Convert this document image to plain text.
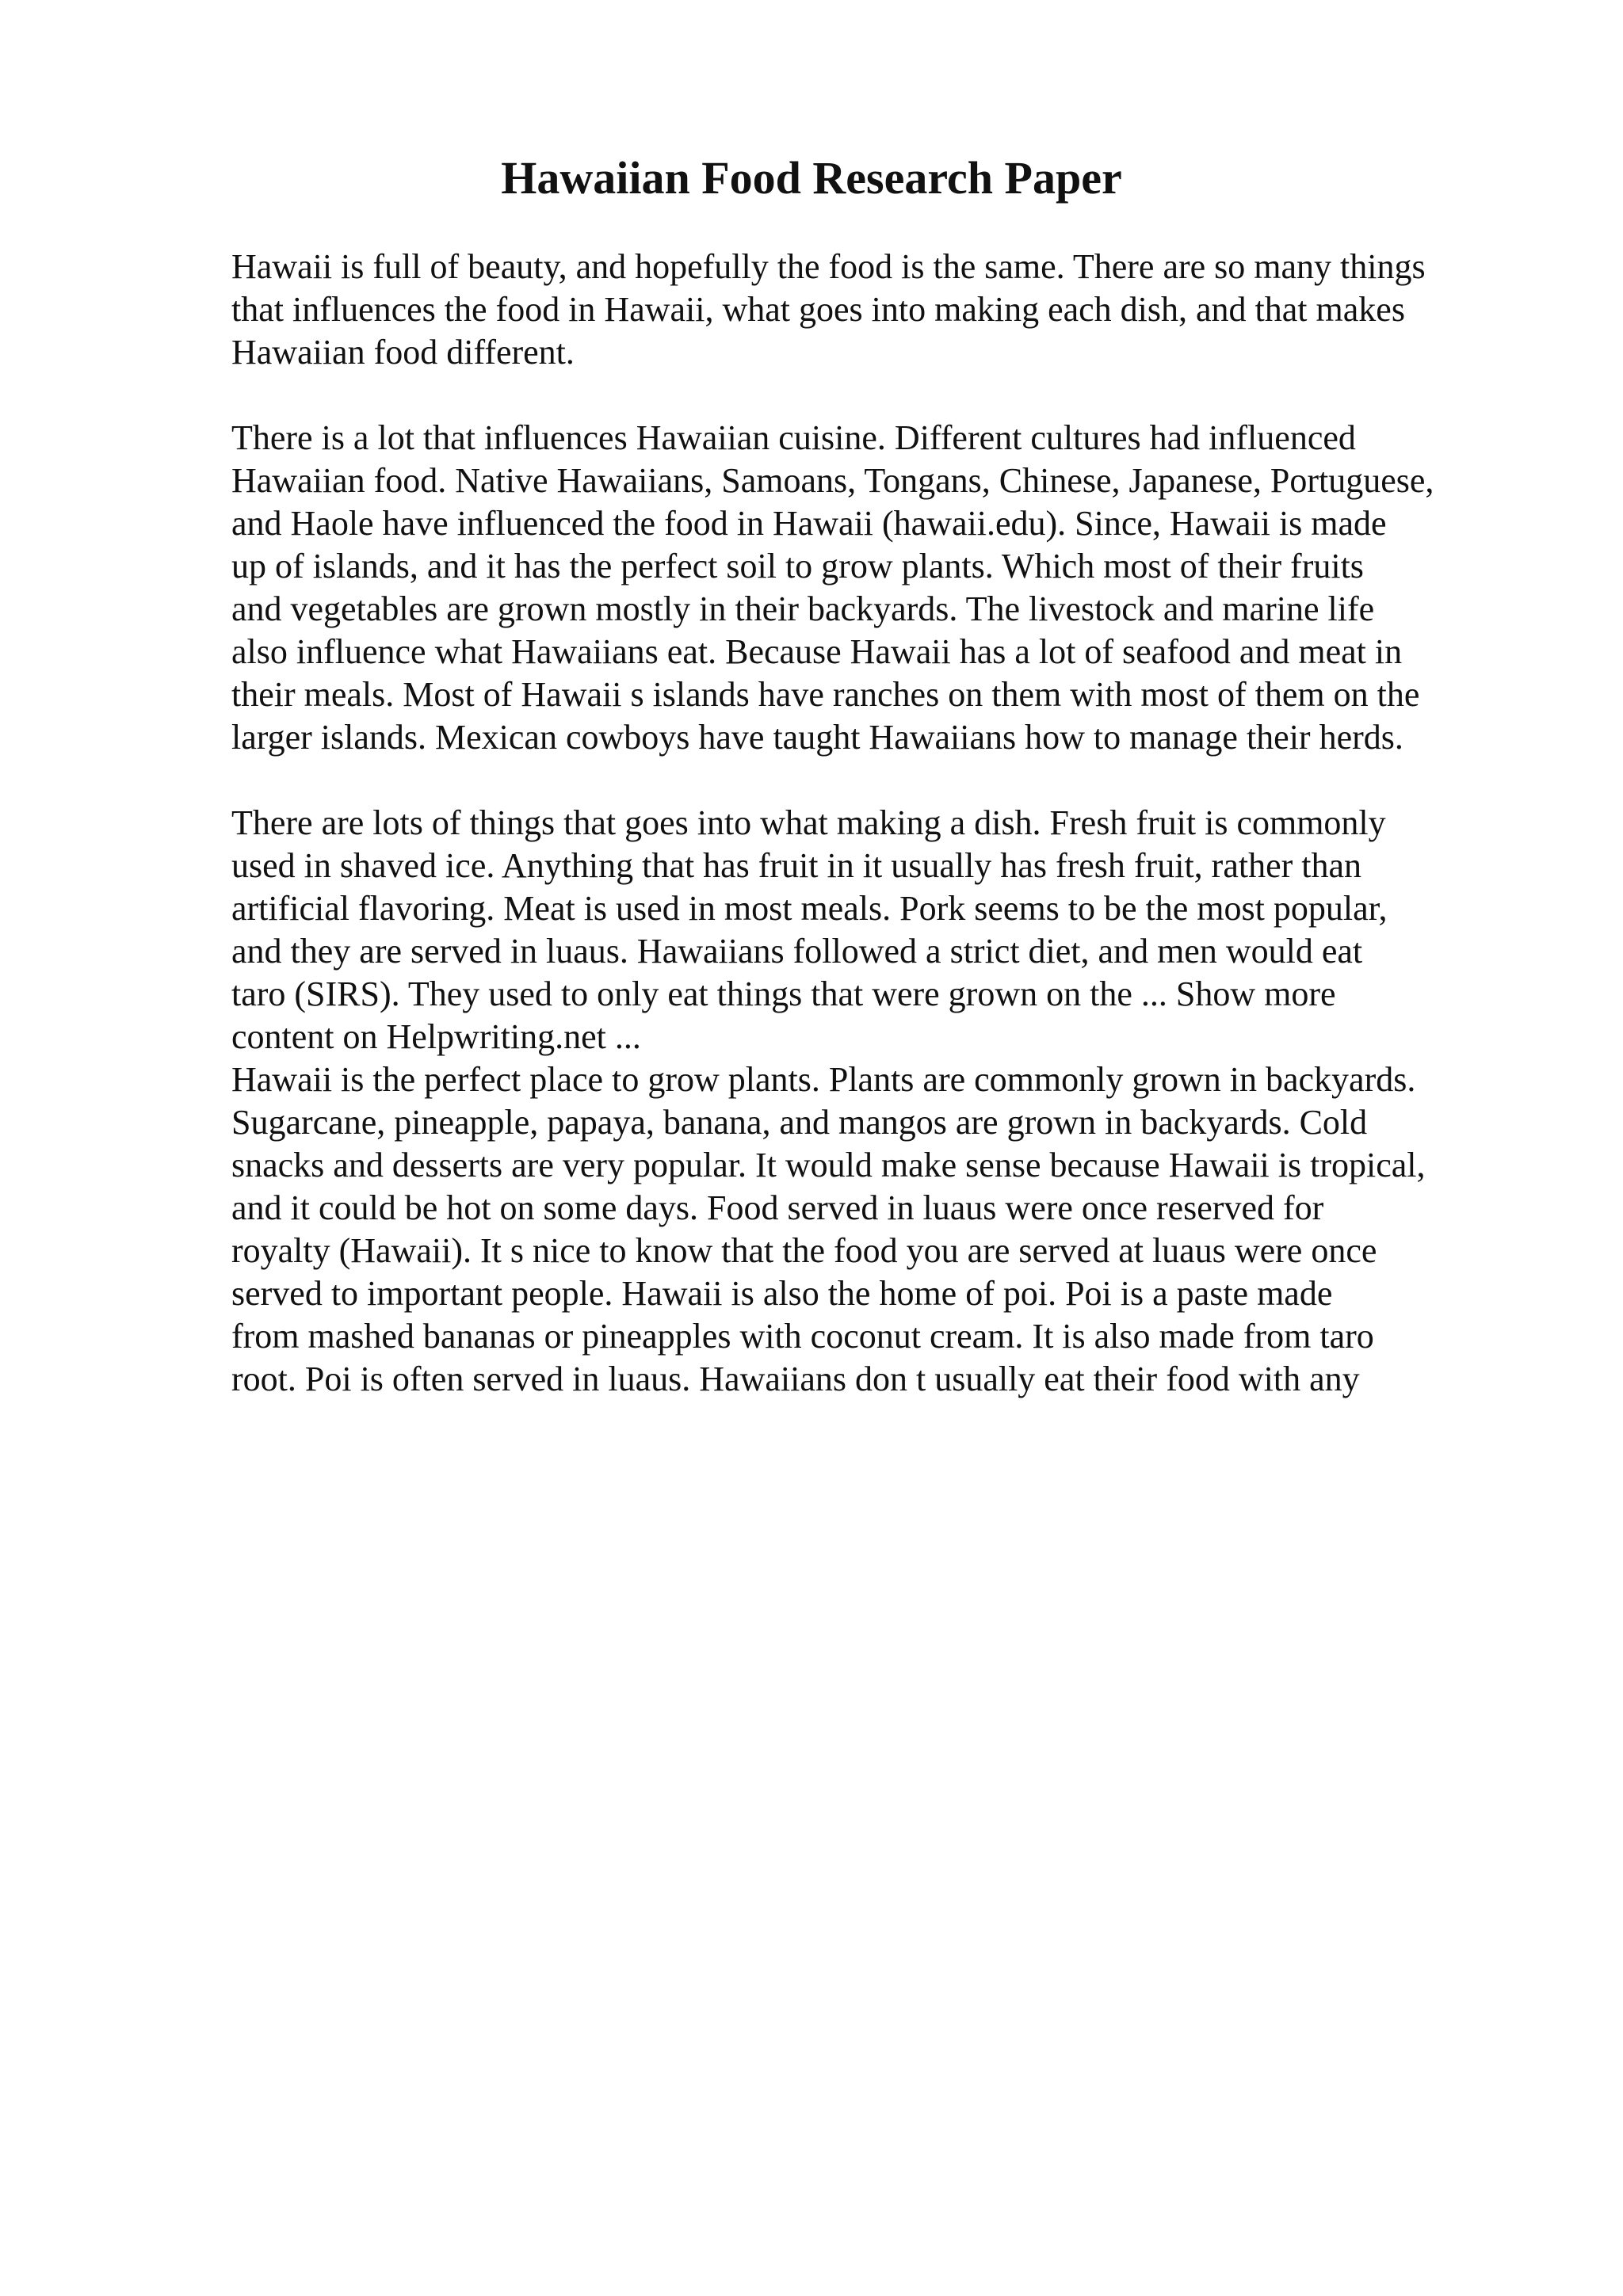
Hawaiian Food Research Paper

Hawaii is full of beauty, and hopefully the food is the same. There are so many things
that influences the food in Hawaii, what goes into making each dish, and that makes
Hawaiian food different.

There is a lot that influences Hawaiian cuisine. Different cultures had influenced
Hawaiian food. Native Hawaiians, Samoans, Tongans, Chinese, Japanese, Portuguese,
and Haole have influenced the food in Hawaii (hawaii.edu). Since, Hawaii is made
up of islands, and it has the perfect soil to grow plants. Which most of their fruits
and vegetables are grown mostly in their backyards. The livestock and marine life
also influence what Hawaiians eat. Because Hawaii has a lot of seafood and meat in
their meals. Most of Hawaii s islands have ranches on them with most of them on the
larger islands. Mexican cowboys have taught Hawaiians how to manage their herds.

There are lots of things that goes into what making a dish. Fresh fruit is commonly
used in shaved ice. Anything that has fruit in it usually has fresh fruit, rather than
artificial flavoring. Meat is used in most meals. Pork seems to be the most popular,
and they are served in luaus. Hawaiians followed a strict diet, and men would eat
taro (SIRS). They used to only eat things that were grown on the ... Show more
content on Helpwriting.net ...

Hawaii is the perfect place to grow plants. Plants are commonly grown in backyards.
Sugarcane, pineapple, papaya, banana, and mangos are grown in backyards. Cold
snacks and desserts are very popular. It would make sense because Hawaii is tropical,
and it could be hot on some days. Food served in luaus were once reserved for
royalty (Hawaii). It s nice to know that the food you are served at luaus were once
served to important people. Hawaii is also the home of poi. Poi is a paste made
from mashed bananas or pineapples with coconut cream. It is also made from taro
root. Poi is often served in luaus. Hawaiians don t usually eat their food with any
